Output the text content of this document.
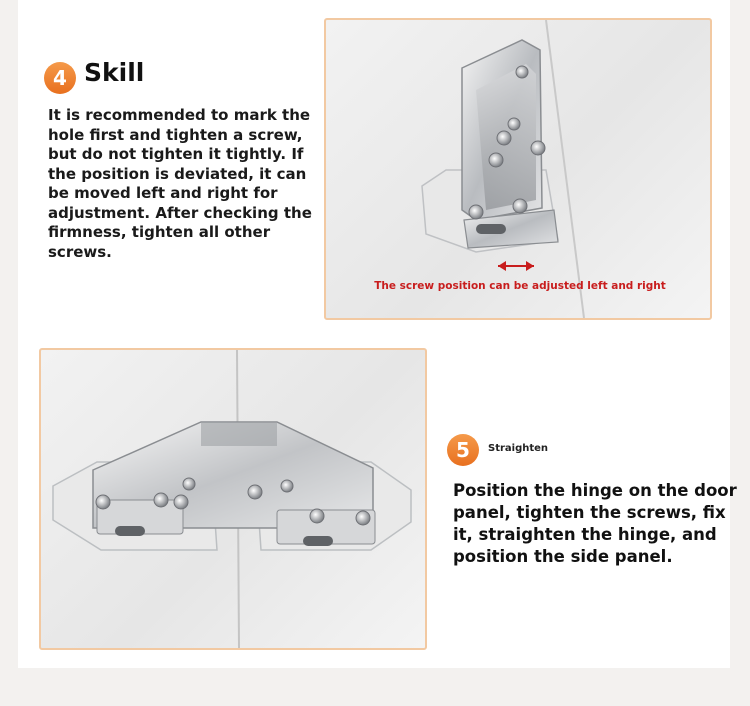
4 Skill

It is recommended to mark the hole first and tighten a screw, but do not tighten it tightly. If the position is deviated, it can be moved left and right for adjustment. After checking the firmness, tighten all other screws.

The screw position can be adjusted left and right
5	Straighten

Position the hinge on the door panel, tighten the screws, fix it, straighten the hinge, and position the side panel.
